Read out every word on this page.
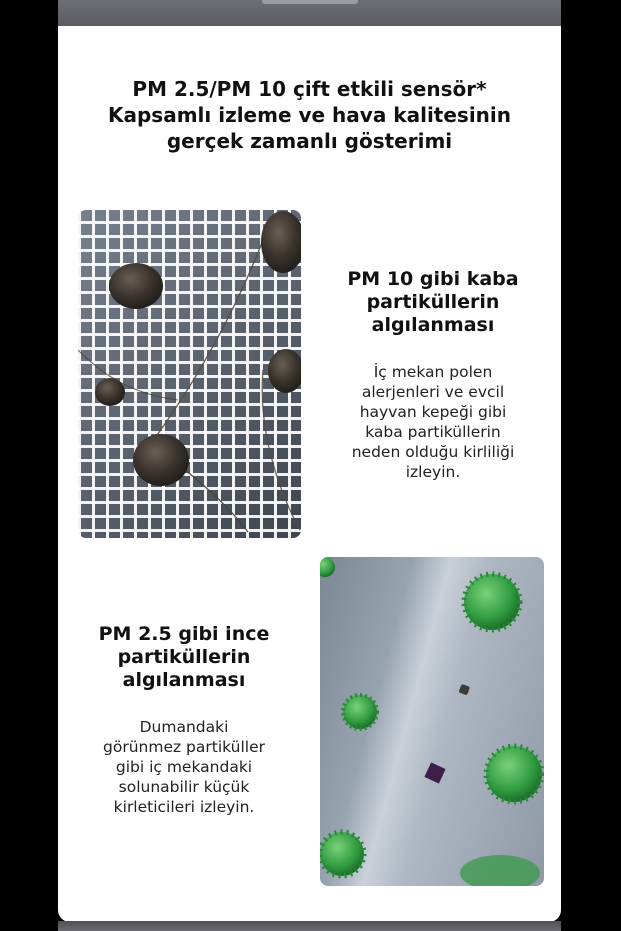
PM 2.5/PM 10 çift etkili sensör*
Kapsamlı izleme ve hava kalitesinin
gerçek zamanlı gösterimi
PM 10 gibi kaba
partiküllerin
algılanması
İç mekan polen
alerjenleri ve evcil
hayvan kepeği gibi
kaba partiküllerin
neden olduğu kirliliği
izleyin.
PM 2.5 gibi ince
partiküllerin
algılanması
Dumandaki
görünmez partiküller
gibi iç mekandaki
solunabilir küçük
kirleticileri izleyin.
